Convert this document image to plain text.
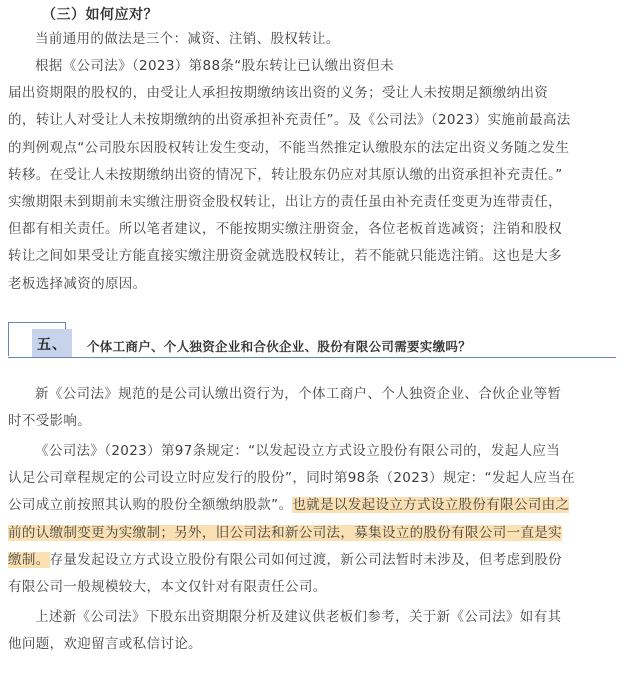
（三）如何应对？
当前通用的做法是三个：减资、注销、股权转让。
根据《公司法》（2023）第88条“股东转让已认缴出资但未
届出资期限的股权的，由受让人承担按期缴纳该出资的义务；受让人未按期足额缴纳出资
的，转让人对受让人未按期缴纳的出资承担补充责任”。及《公司法》（2023）实施前最高法
的判例观点“公司股东因股权转让发生变动，不能当然推定认缴股东的法定出资义务随之发生
转移。在受让人未按期缴纳出资的情况下，转让股东仍应对其原认缴的出资承担补充责任。”
实缴期限未到期前未实缴注册资金股权转让，出让方的责任虽由补充责任变更为连带责任，
但都有相关责任。所以笔者建议，不能按期实缴注册资金，各位老板首选减资；注销和股权
转让之间如果受让方能直接实缴注册资金就选股权转让，若不能就只能选注销。这也是大多
老板选择减资的原因。
五、 个体工商户、个人独资企业和合伙企业、股份有限公司需要实缴吗？
新《公司法》规范的是公司认缴出资行为，个体工商户、个人独资企业、合伙企业等暂
时不受影响。
《公司法》（2023）第97条规定：“以发起设立方式设立股份有限公司的，发起人应当
认足公司章程规定的公司设立时应发行的股份”，同时第98条（2023）规定：“发起人应当在
公司成立前按照其认购的股份全额缴纳股款”。也就是以发起设立方式设立股份有限公司由之
前的认缴制变更为实缴制；另外，旧公司法和新公司法，募集设立的股份有限公司一直是实
缴制。存量发起设立方式设立股份有限公司如何过渡，新公司法暂时未涉及，但考虑到股份
有限公司一般规模较大，本文仅针对有限责任公司。
上述新《公司法》下股东出资期限分析及建议供老板们参考，关于新《公司法》如有其
他问题，欢迎留言或私信讨论。
